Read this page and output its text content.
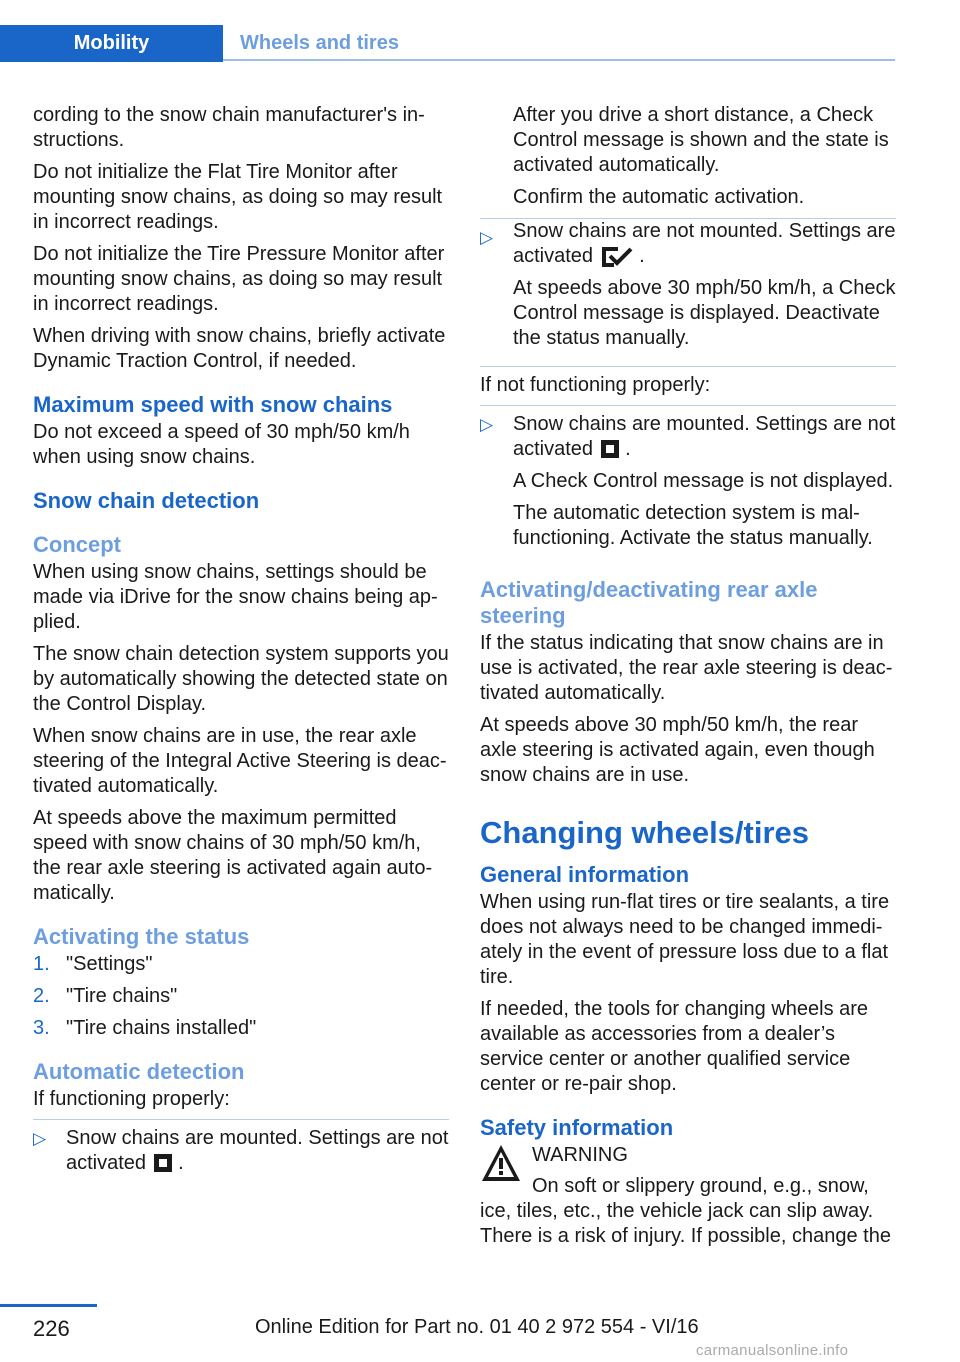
Mobility	Wheels and tires

cording to the snow chain manufacturer's in-structions.

Do not initialize the Flat Tire Monitor after mounting snow chains, as doing so may result in incorrect readings.

Do not initialize the Tire Pressure Monitor after mounting snow chains, as doing so may result in incorrect readings.

When driving with snow chains, briefly activate Dynamic Traction Control, if needed.

Maximum speed with snow chains

Do not exceed a speed of 30 mph/50 km/h when using snow chains.

Snow chain detection
Concept

When using snow chains, settings should be made via iDrive for the snow chains being ap-plied.

The snow chain detection system supports you by automatically showing the detected state on the Control Display.

When snow chains are in use, the rear axle steering of the Integral Active Steering is deac-tivated automatically.

At speeds above the maximum permitted speed with snow chains of 30 mph/50 km/h, the rear axle steering is activated again auto-matically.

Activating the status
1. "Settings"
2. "Tire chains"
3. "Tire chains installed"
Automatic detection

If functioning properly:

▷ Snow chains are mounted. Settings are not activated .

After you drive a short distance, a Check Control message is shown and the state is activated automatically.

Confirm the automatic activation.

▷ Snow chains are not mounted. Settings are activated .

At speeds above 30 mph/50 km/h, a Check Control message is displayed. Deactivate the status manually.

If not functioning properly:

▷ Snow chains are mounted. Settings are not activated .

A Check Control message is not displayed.

The automatic detection system is mal-functioning. Activate the status manually.

Activating/deactivating rear axle steering

If the status indicating that snow chains are in use is activated, the rear axle steering is deac-tivated automatically.

At speeds above 30 mph/50 km/h, the rear axle steering is activated again, even though snow chains are in use.

Changing wheels/tires
General information

When using run-flat tires or tire sealants, a tire does not always need to be changed immedi-ately in the event of pressure loss due to a flat tire.

If needed, the tools for changing wheels are available as accessories from a dealer’s service center or another qualified service center or re-pair shop.

Safety information

WARNING

On soft or slippery ground, e.g., snow, ice, tiles, etc., the vehicle jack can slip away. There is a risk of injury. If possible, change the

226	Online Edition for Part no. 01 40 2 972 554 - VI/16
carmanualsonline.info
